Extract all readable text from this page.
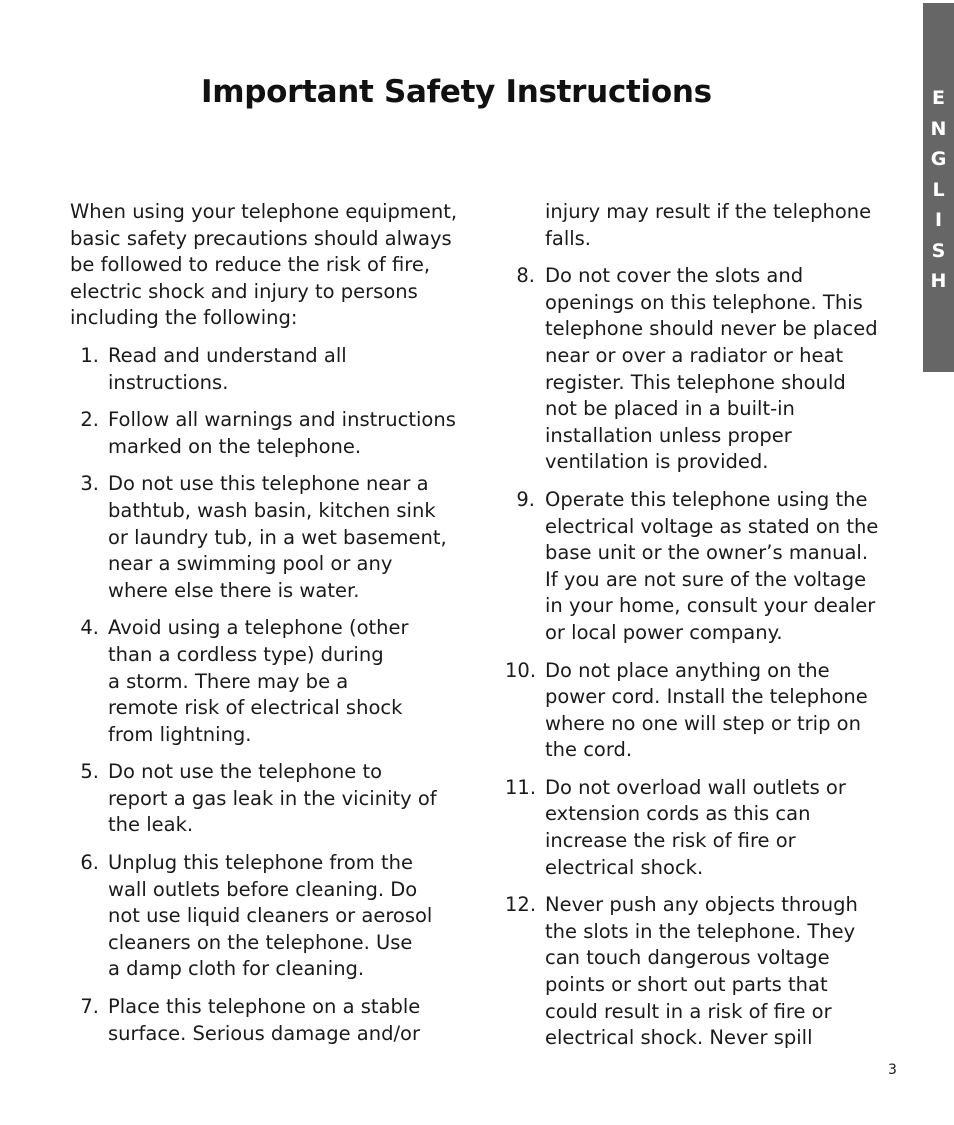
Important Safety Instructions	E
N
G
L
I
S
H
When using your telephone equipment,
basic safety precautions should always
be followed to reduce the risk of fire,
electric shock and injury to persons
including the following:
1. Read and understand all
instructions.
2. Follow all warnings and instructions
marked on the telephone.
3. Do not use this telephone near a
bathtub, wash basin, kitchen sink
or laundry tub, in a wet basement,
near a swimming pool or any
where else there is water.
4. Avoid using a telephone (other
than a cordless type) during
a storm. There may be a
remote risk of electrical shock
from lightning.
5. Do not use the telephone to
report a gas leak in the vicinity of
the leak.
6. Unplug this telephone from the
wall outlets before cleaning. Do
not use liquid cleaners or aerosol
cleaners on the telephone. Use
a damp cloth for cleaning.
7. Place this telephone on a stable
surface. Serious damage and/or
injury may result if the telephone
falls.
8. Do not cover the slots and
openings on this telephone. This
telephone should never be placed
near or over a radiator or heat
register. This telephone should
not be placed in a built-in
installation unless proper
ventilation is provided.
9. Operate this telephone using the
electrical voltage as stated on the
base unit or the owner’s manual.
If you are not sure of the voltage
in your home, consult your dealer
or local power company.
10. Do not place anything on the
power cord. Install the telephone
where no one will step or trip on
the cord.
11. Do not overload wall outlets or
extension cords as this can
increase the risk of fire or
electrical shock.
12. Never push any objects through
the slots in the telephone. They
can touch dangerous voltage
points or short out parts that
could result in a risk of fire or
electrical shock. Never spill
3
